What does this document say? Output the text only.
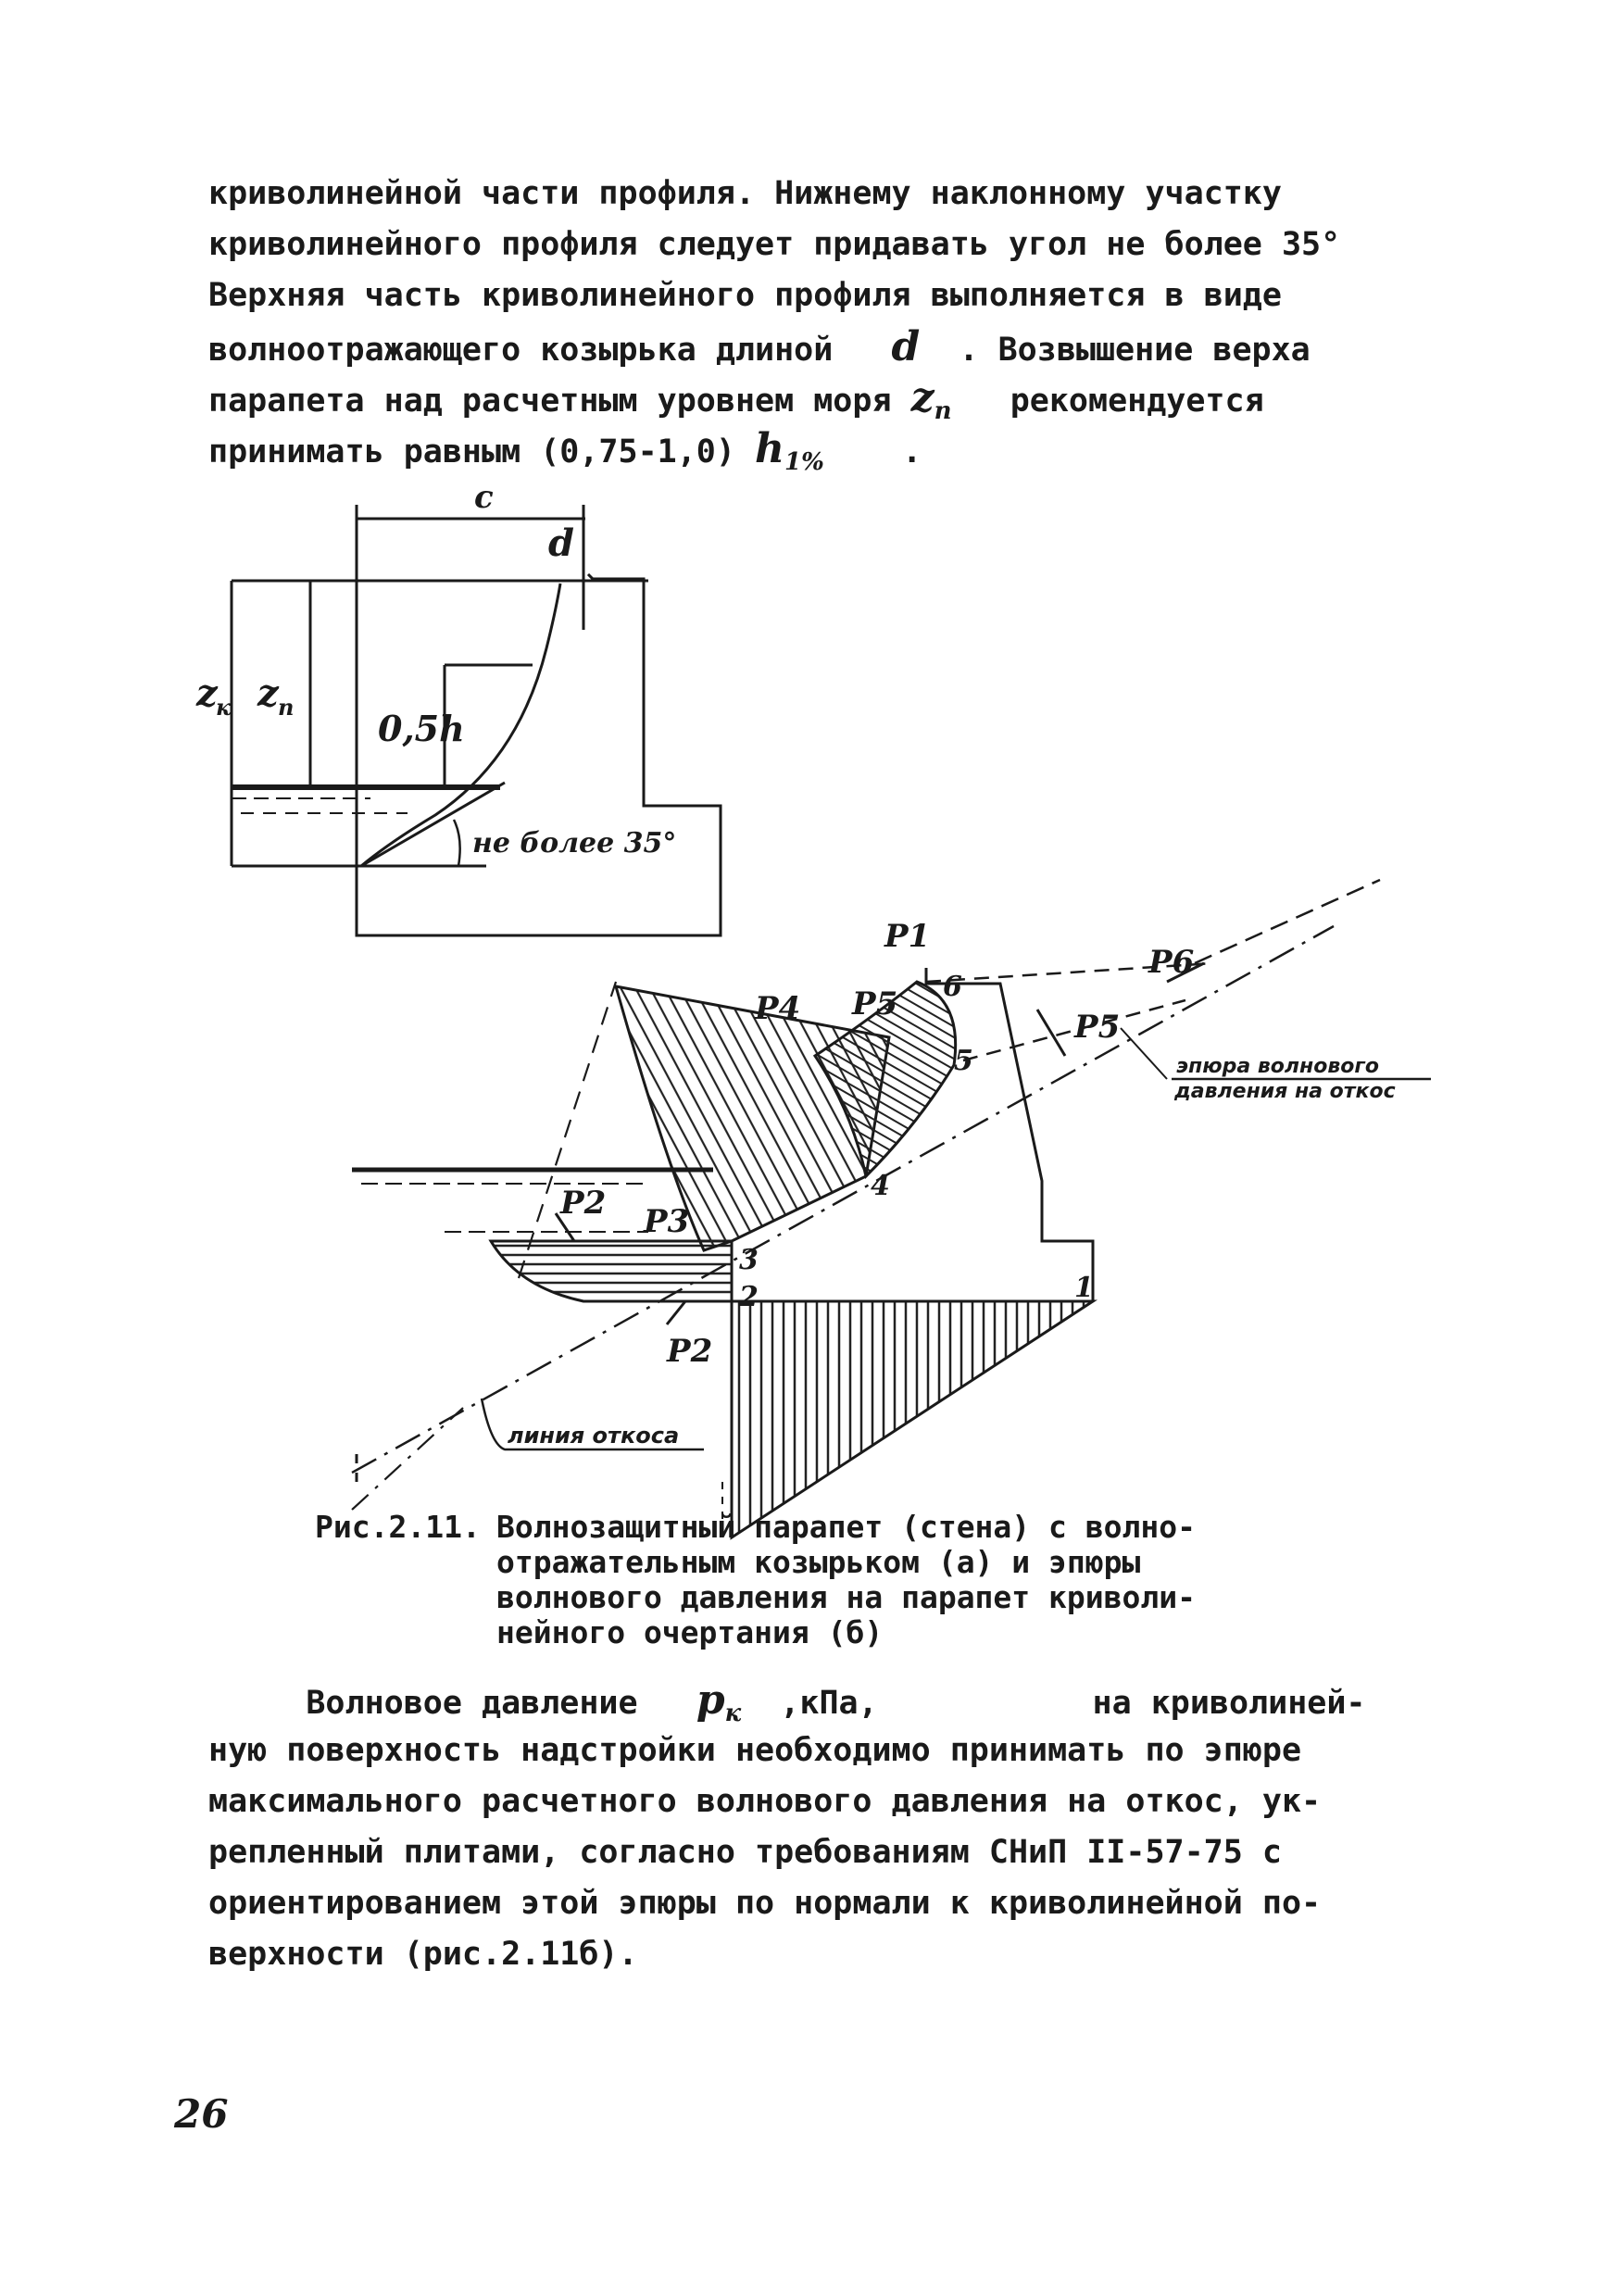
криволинейной части профиля. Нижнему наклонному участку
криволинейного профиля следует придавать угол не более 35°
Верхняя часть криволинейного профиля выполняется в виде
волноотражающего козырька длиной d . Возвышение верха
парапета над расчетным уровнем моря $z_п$ рекомендуется
принимать равным (0,75-1,0) $h_{1\%}$ .
c
d
z
к z п
0,5h
не более 35°
P1
P4 P5
P6
P5
P2 P3
P2
6
5
4
3
2	1
эпюра волнового
давления на откос
линия откоса
Рис.2.11. Волнозащитный парапет (стена) с волно-
отражательным козырьком (а) и эпюры
волнового давления на парапет криволи-
нейного очертания (б)
Волновое давление $p_к$ ,кПа,	на криволиней-
ную поверхность надстройки необходимо принимать по эпюре
максимального расчетного волнового давления на откос, ук-
репленный плитами, согласно требованиям СНиП II-57-75 с
ориентированием этой эпюры по нормали к криволинейной по-
верхности (рис.2.11б).
26
